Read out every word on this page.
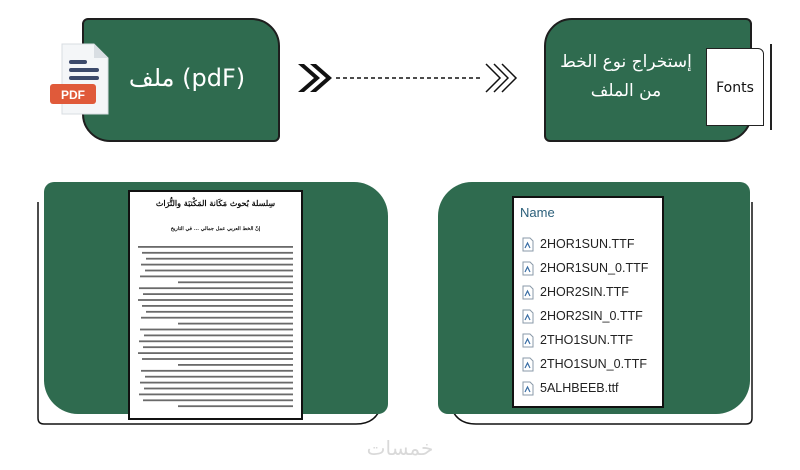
ملف (pdF)
PDF
إستخراج نوع الخط
من الملف	Fonts
سِلسلة بُحوث مَكَانة المَكْتبَة والتُّرَاث
إنّ الخط العربي عمل جمالي ... في التاريخ
Name
2HOR1SUN.TTF
2HOR1SUN_0.TTF
2HOR2SIN.TTF
2HOR2SIN_0.TTF
2THO1SUN.TTF
2THO1SUN_0.TTF
5ALHBEEB.ttf
خمسات
